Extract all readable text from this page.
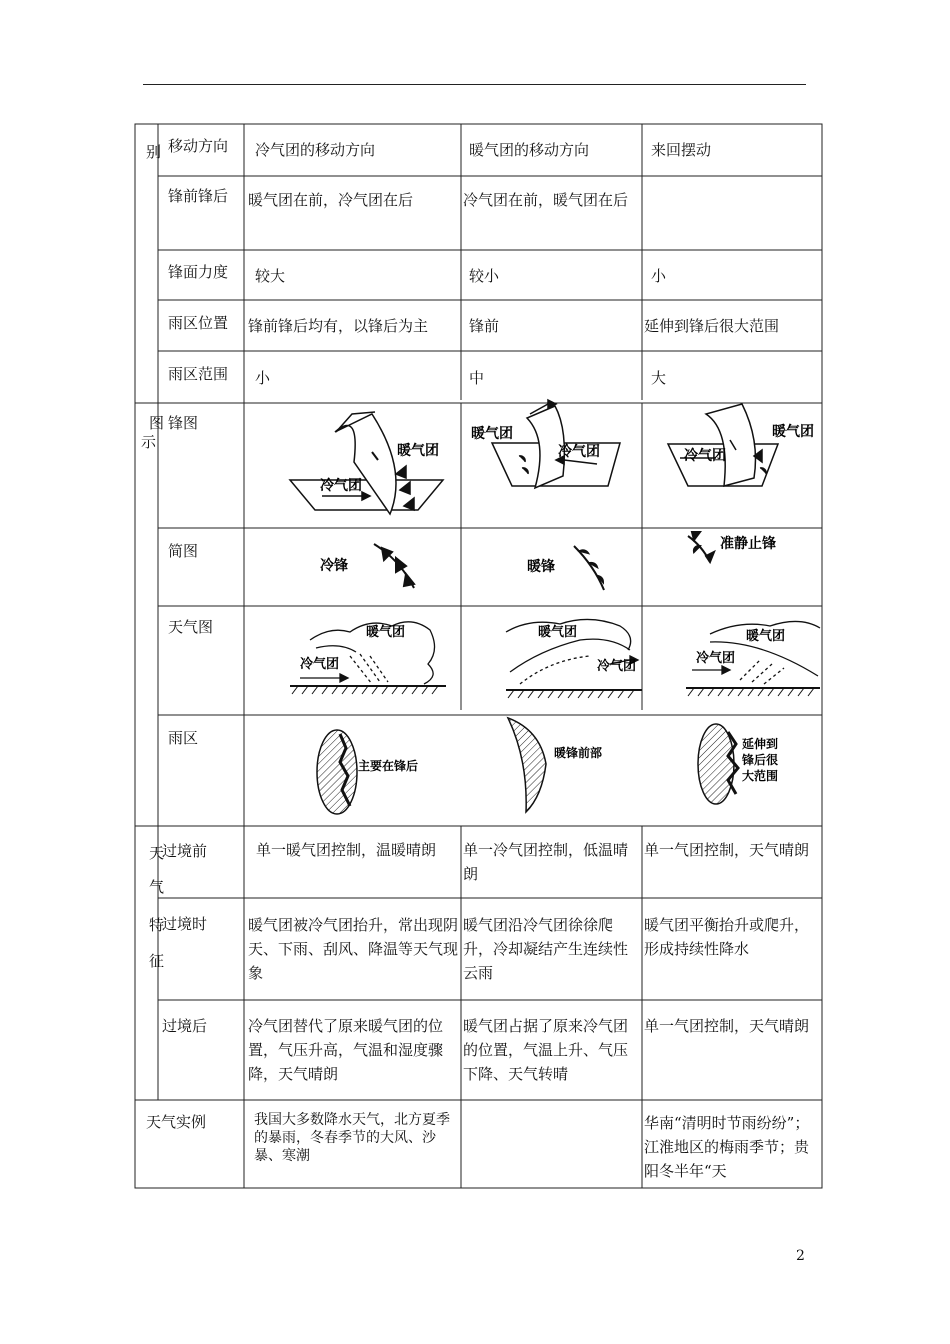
别
图
示
天
气
特
征
移动方向
锋前锋后
锋面力度
雨区位置
雨区范围
锋图
简图
天气图
雨区
过境前
过境时
过境后
天气实例
冷气团的移动方向
暖气团在前，冷气团在后
较大
锋前锋后均有，以锋后为主
小
单一暖气团控制，温暖晴朗
暖气团被冷气团抬升，常出现阴天、下雨、刮风、降温等天气现象
冷气团替代了原来暖气团的位置，气压升高，气温和湿度骤降，天气晴朗
我国大多数降水天气，北方夏季的暴雨，冬春季节的大风、沙暴、寒潮
暖气团的移动方向
冷气团在前，暖气团在后
较小
锋前
中
单一冷气团控制，低温晴朗
暖气团沿冷气团徐徐爬升，冷却凝结产生连续性云雨
暖气团占据了原来冷气团的位置，气温上升、气压下降、天气转晴
来回摆动
小
延伸到锋后很大范围
大
单一气团控制，天气晴朗
暖气团平衡抬升或爬升，形成持续性降水
单一气团控制，天气晴朗
华南“清明时节雨纷纷”；江淮地区的梅雨季节；贵阳冬半年“天
暖气团
冷气团
暖气团
冷气团
暖气团
冷气团
冷锋	暖锋
准静止锋
暖气团
冷气团
暖气团
冷气团
暖气团
冷气团
主要在锋后
暖锋前部
延伸到
锋后很
大范围
2
